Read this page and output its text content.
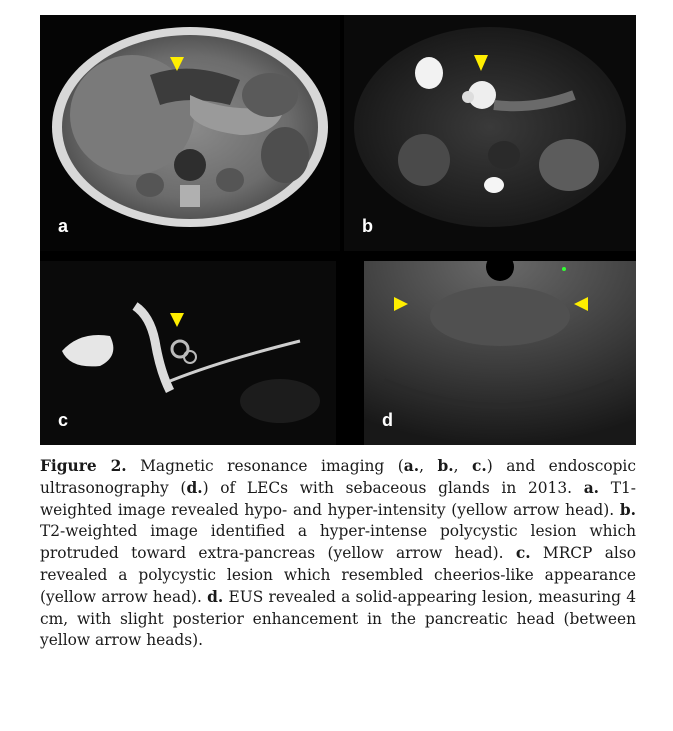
a	b
c	d

Figure 2. Magnetic resonance imaging (a., b., c.) and endoscopic ultrasonography (d.) of LECs with sebaceous glands in 2013. a. T1-weighted image revealed hypo- and hyper-intensity (yellow arrow head). b. T2-weighted image identified a hyper-intense polycystic lesion which protruded toward extra-pancreas (yellow arrow head). c. MRCP also revealed a polycystic lesion which resembled cheerios-like appearance (yellow arrow head). d. EUS revealed a solid-appearing lesion, measuring 4 cm, with slight posterior enhancement in the pancreatic head (between yellow arrow heads).
